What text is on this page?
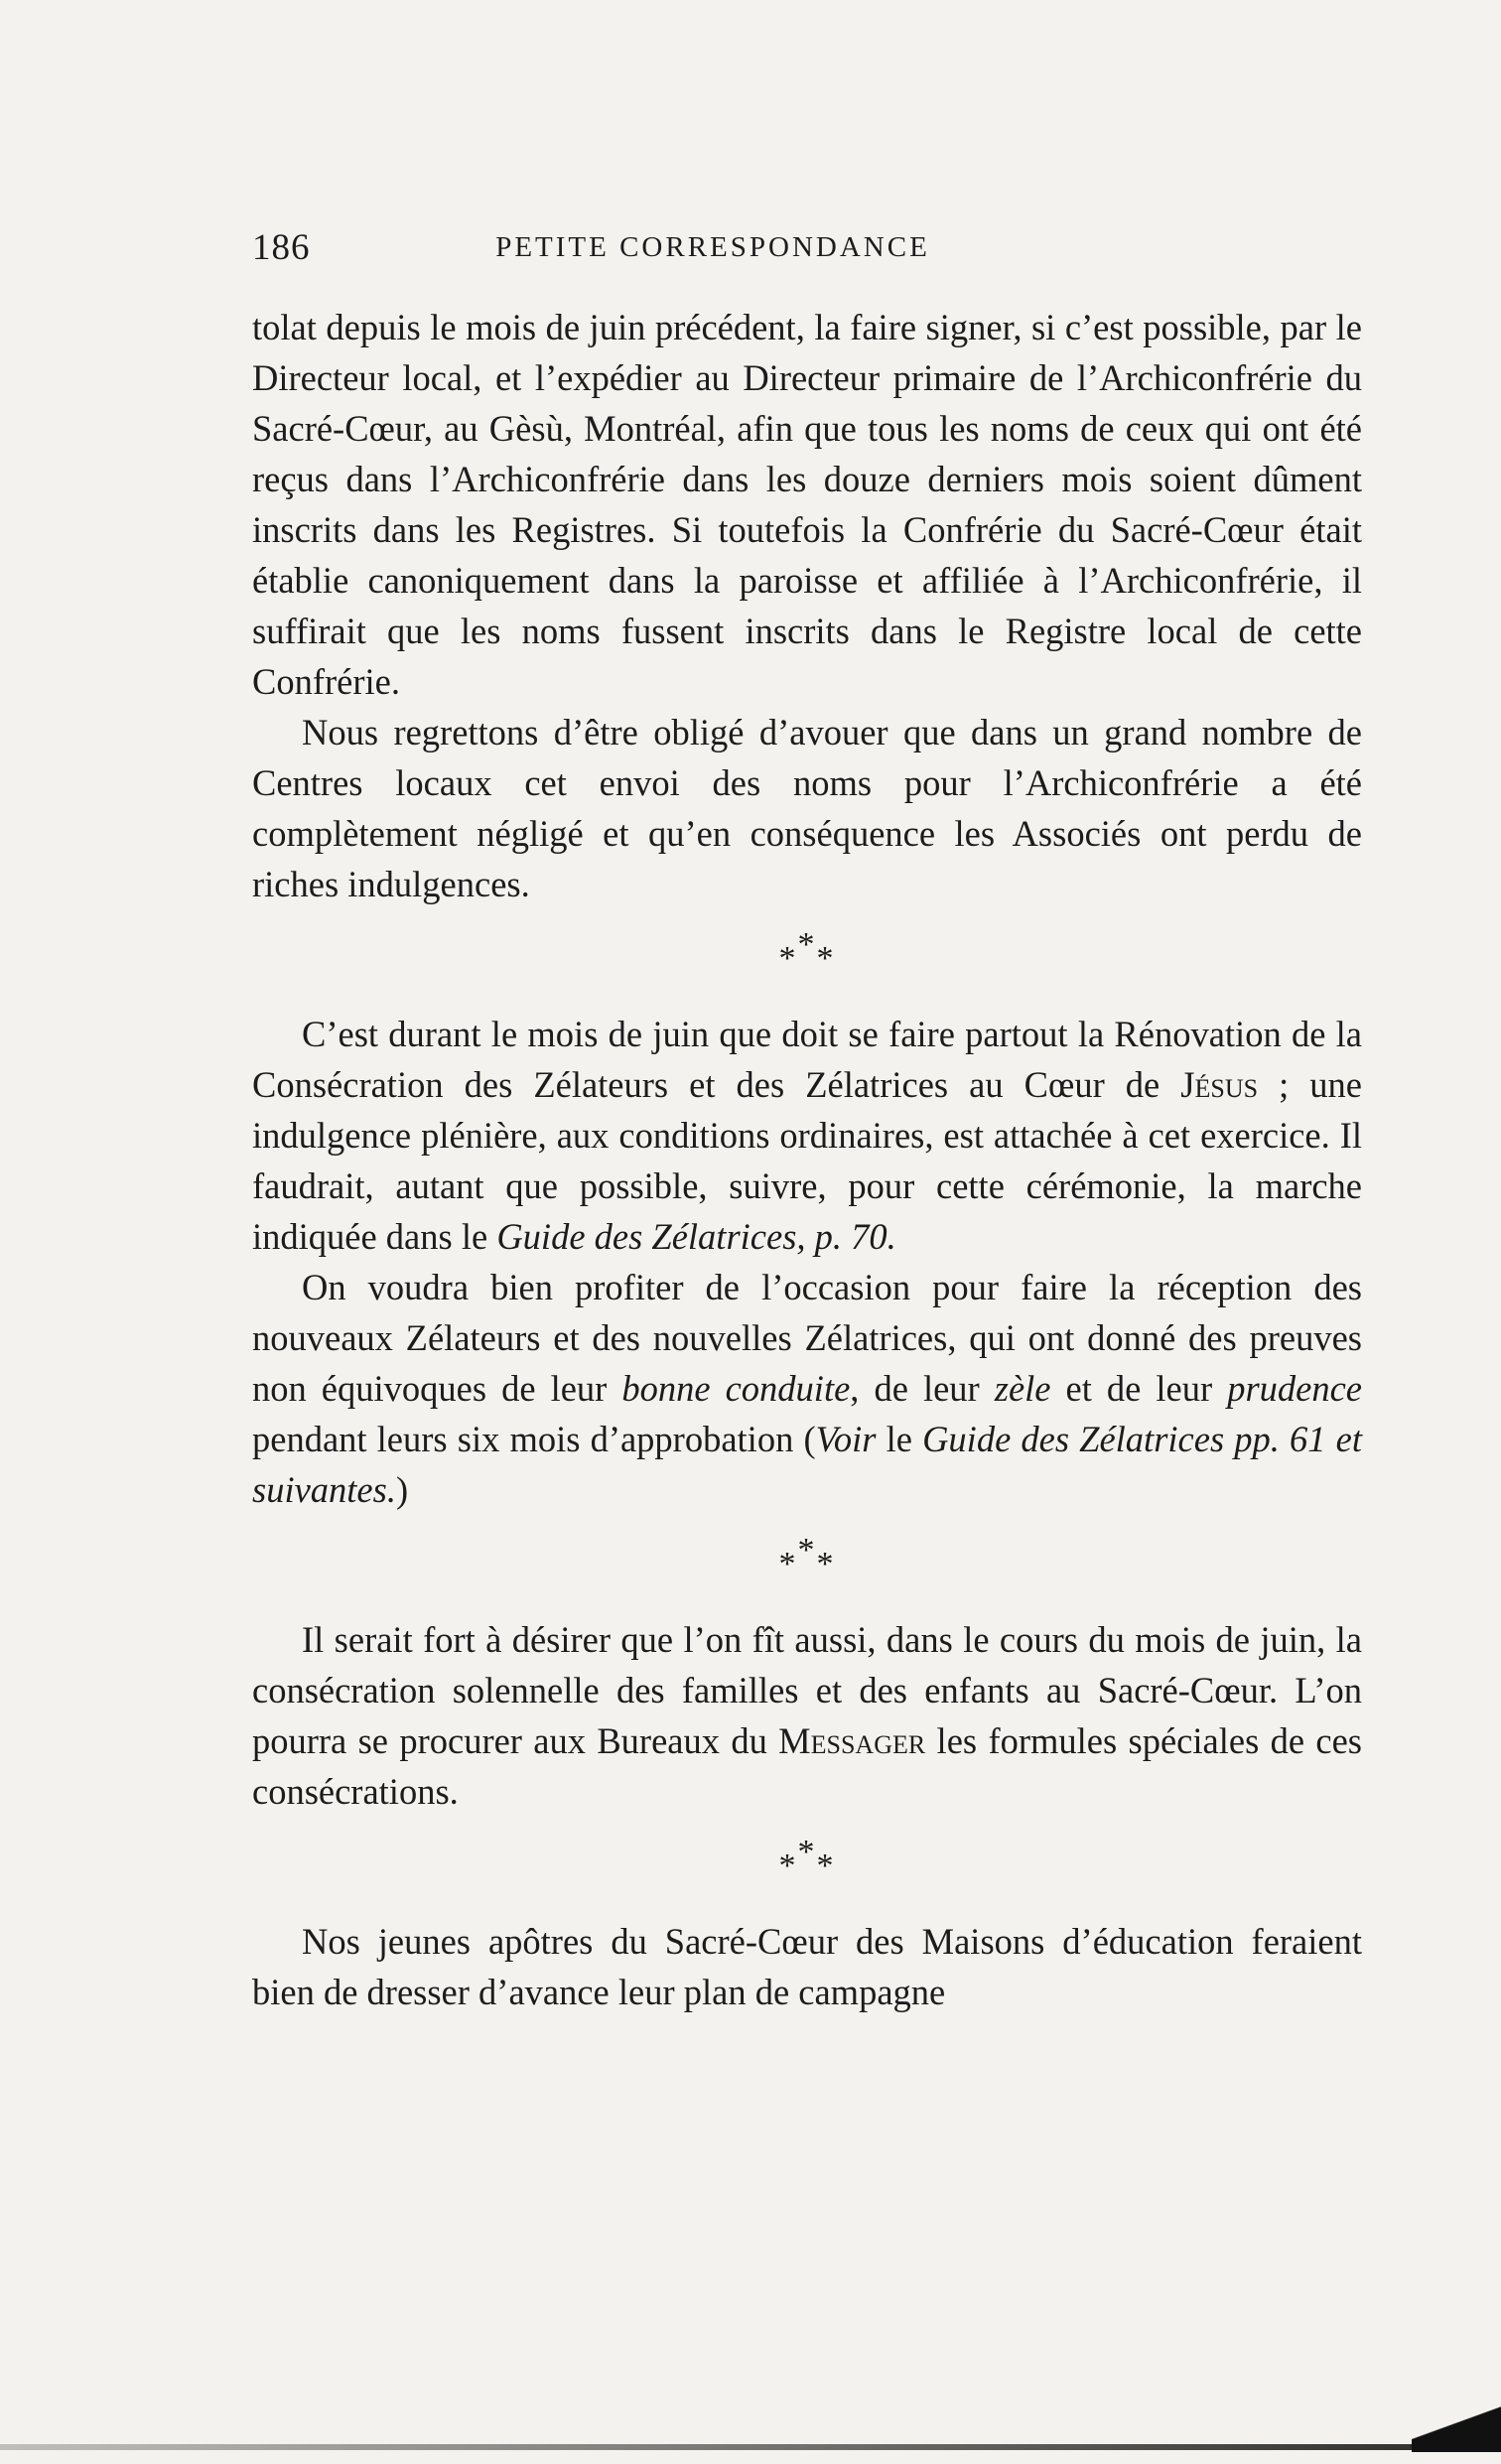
186	PETITE CORRESPONDANCE

tolat depuis le mois de juin précédent, la faire signer, si c’est possible, par le Directeur local, et l’expédier au Directeur primaire de l’Archiconfrérie du Sacré-Cœur, au Gèsù, Montréal, afin que tous les noms de ceux qui ont été reçus dans l’Archiconfrérie dans les douze derniers mois soient dûment inscrits dans les Registres. Si toutefois la Confrérie du Sacré-Cœur était établie canoniquement dans la paroisse et affiliée à l’Archiconfrérie, il suffirait que les noms fussent inscrits dans le Registre local de cette Confrérie.

Nous regrettons d’être obligé d’avouer que dans un grand nombre de Centres locaux cet envoi des noms pour l’Archiconfrérie a été complètement négligé et qu’en conséquence les Associés ont perdu de riches indulgences.

***

C’est durant le mois de juin que doit se faire partout la Rénovation de la Consécration des Zélateurs et des Zélatrices au Cœur de Jésus ; une indulgence plénière, aux conditions ordinaires, est attachée à cet exercice. Il faudrait, autant que possible, suivre, pour cette cérémonie, la marche indiquée dans le Guide des Zélatrices, p. 70.

On voudra bien profiter de l’occasion pour faire la réception des nouveaux Zélateurs et des nouvelles Zélatrices, qui ont donné des preuves non équivoques de leur bonne conduite, de leur zèle et de leur prudence pendant leurs six mois d’approbation (Voir le Guide des Zélatrices pp. 61 et suivantes.)

***

Il serait fort à désirer que l’on fît aussi, dans le cours du mois de juin, la consécration solennelle des familles et des enfants au Sacré-Cœur. L’on pourra se procurer aux Bureaux du Messager les formules spéciales de ces consécrations.

***

Nos jeunes apôtres du Sacré-Cœur des Maisons d’éducation feraient bien de dresser d’avance leur plan de campagne
